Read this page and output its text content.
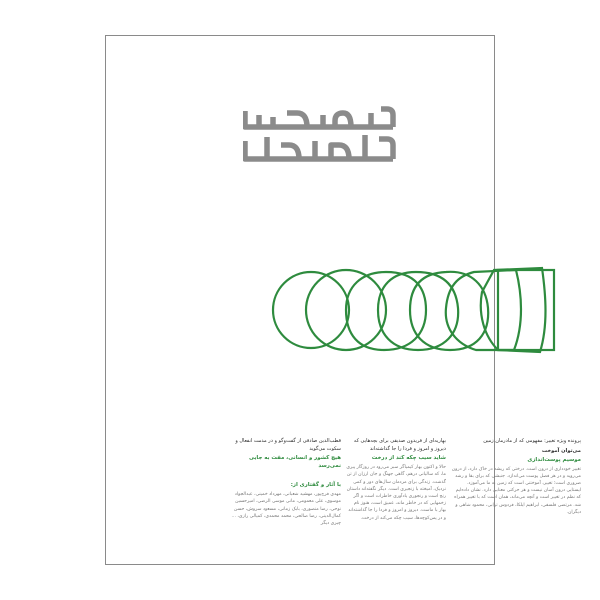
پرونده ویژه تغییر: مفهومی که از مادرمان زمین

می‌توان آموخت

موسیم پوست‌اندازی

تغییر خودداری از درون است. درختی که ریشه در خاک دارد، از درون می‌روید و در هر فصل پوست می‌اندازد. جنبشی که برای بقا و رشد ضروری است؛ تغییر، آموختنی است که زمین به ما می‌آموزد. ایستایی درون آسان نیست و هر حرکتی معنایی دارد. نشان داده‌ایم که نظم در تغییر است و آنچه می‌ماند، همان است که با تغییر همراه شد. مرتضی فلسفی، ابراهیم ایلکا، فردوس ترابی، محمود شاهی و دیگران.

بهاریه‌ای از فریدون صدیقی برای بچه‌هایی که دیروز و امروز و فردا را جا گذاشته‌اند

شاید سیب چکه کند از درخت

حالا و اکنون بهار کیمیاگر سبز می‌رود در روزگار پیری ما، که سالیانی درهم، گاهی جهنگ و جان ارزان از تن گذشت. زندگی برای مردمان سال‌های دور و کمی نزدیک، آمیخته با زنجیری است. دیگر نگفته‌اند داستان رنج است و رنجوری یادآوری خاطرات است و اگر زخمهایی که در خاطر ماند، عمیق است، هنوز نام بهار با ماست. دیروز و امروز و فردا را جا گذاشته‌اند و در پس‌کوچه‌ها، سیب چکه می‌کند از درخت.

قطب‌الدین صادقی از گفت‌وگو و در مذمت انفعال و سکوت می‌گوید

هیچ کشور و انسانی، مفت به جایی نمی‌رسد

با آثار و گفتاری از:

مهدی فرج‌پور، مهشید شعبانی، مهرداد خمینی، عبدالجواد موسوی، علی معمومی، مانی موسی الرضی، امیرحسین نوحی، رضا منصوری، بابک زمانی، مسعود سروش، حسن کمال‌الدینی، رضا صالحی، محمد محمدی، کمیالی رازی، ... چیزی دیگر
